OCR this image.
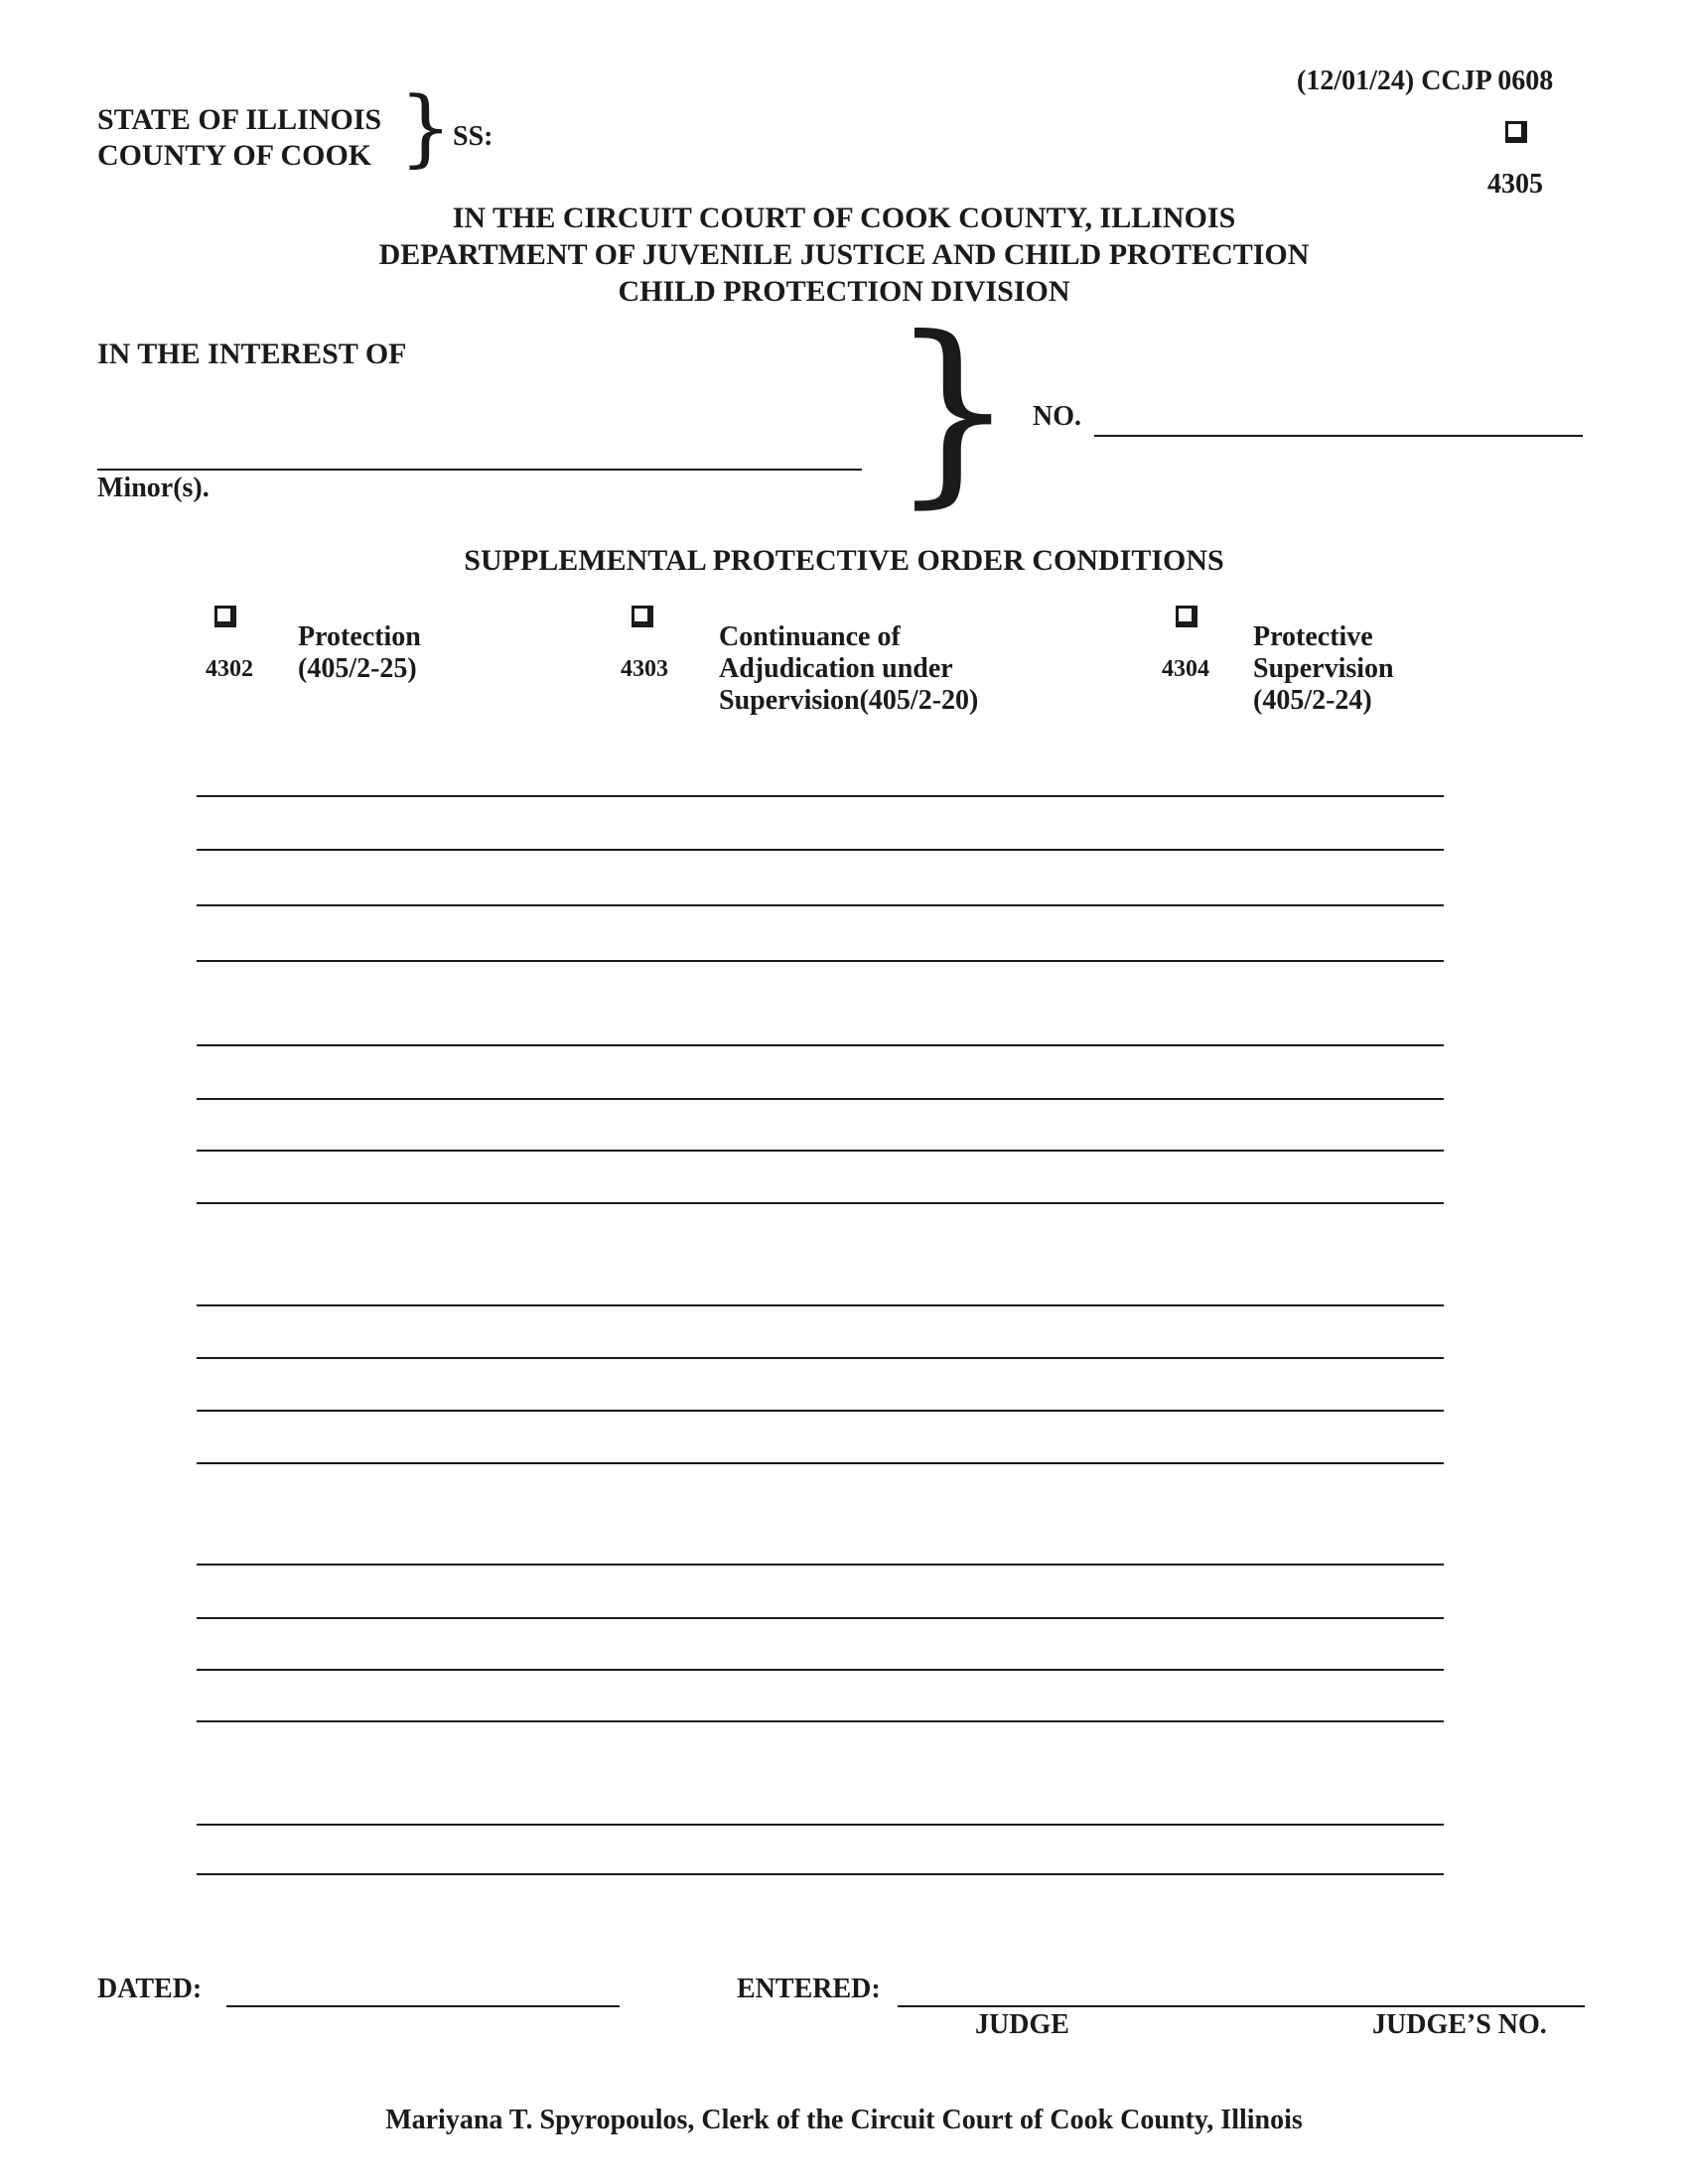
(12/01/24) CCJP 0608
4305
STATE OF ILLINOIS
COUNTY OF COOK } SS:
IN THE CIRCUIT COURT OF COOK COUNTY, ILLINOIS
DEPARTMENT OF JUVENILE JUSTICE AND CHILD PROTECTION
CHILD PROTECTION DIVISION
IN THE INTEREST OF
Minor(s).	} NO.
SUPPLEMENTAL PROTECTIVE ORDER CONDITIONS
4302
Protection
(405/2-25)	4303
Continuance of
Adjudication under
Supervision(405/2-20)
4304
Protective
Supervision
(405/2-24)
DATED:	ENTERED:
JUDGE	JUDGE’S NO.
Mariyana T. Spyropoulos, Clerk of the Circuit Court of Cook County, Illinois
